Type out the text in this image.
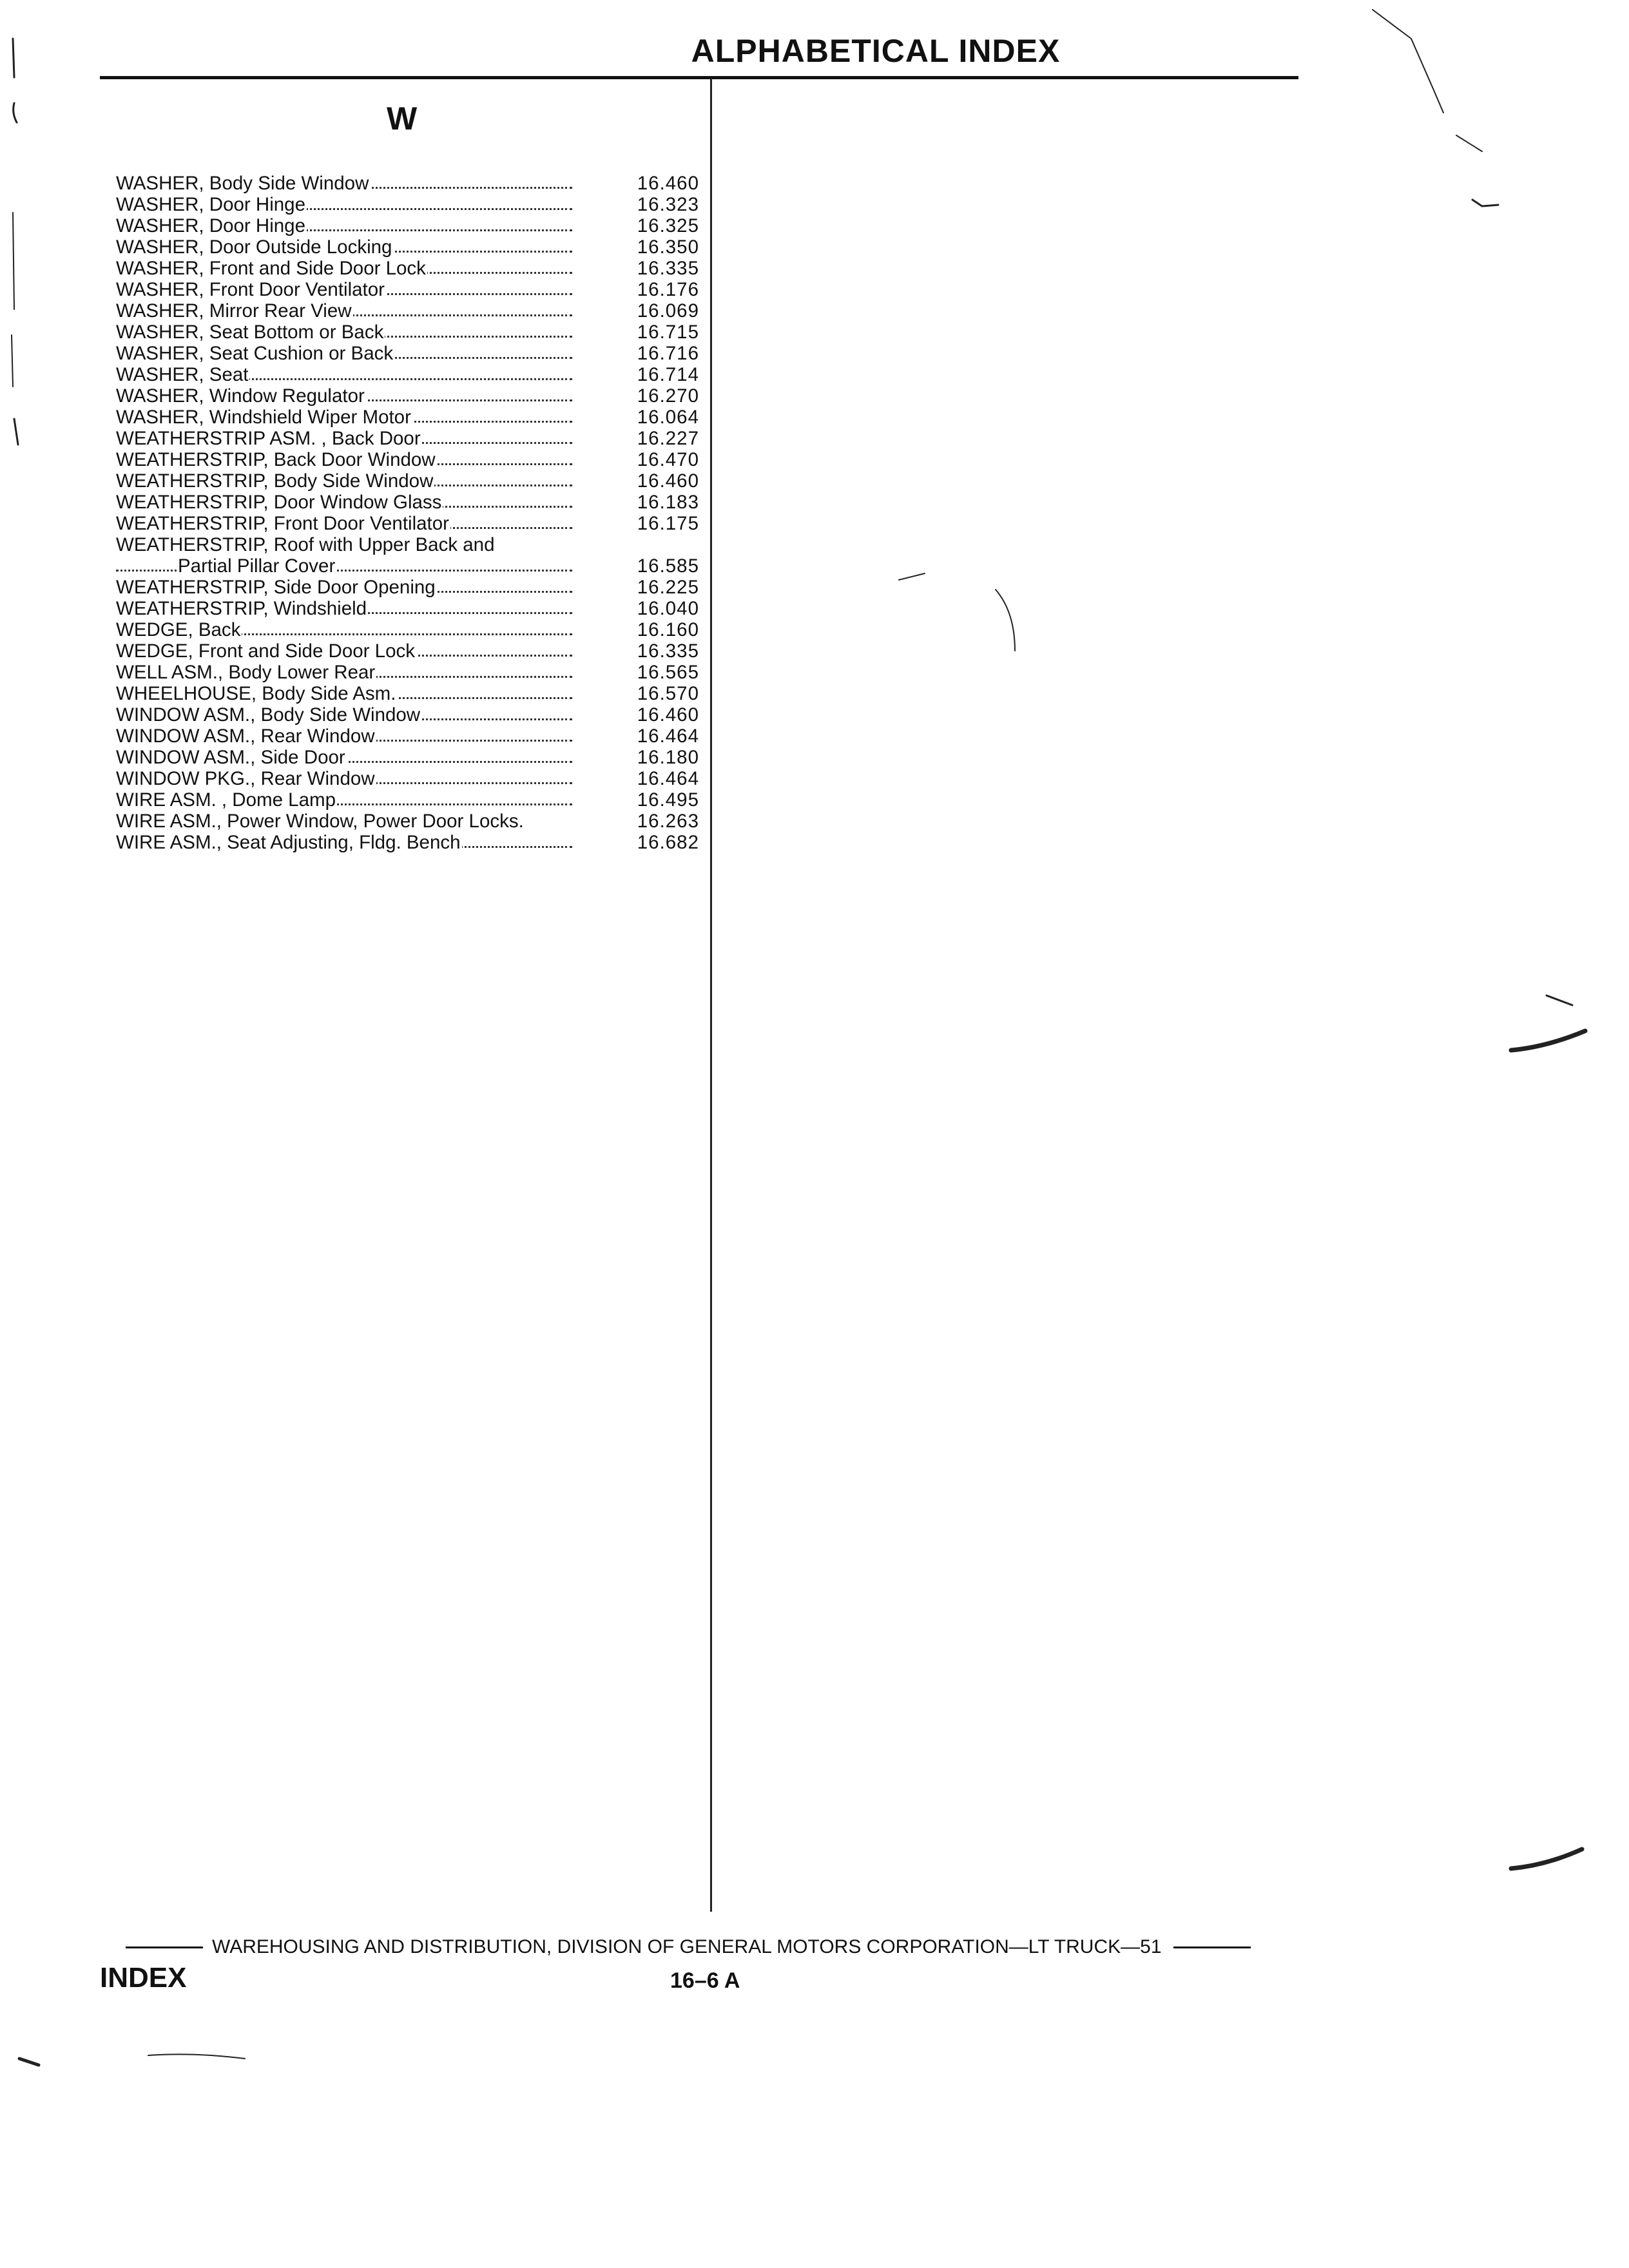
ALPHABETICAL INDEX
W
WASHER, Body Side Window	16.460
WASHER, Door Hinge	16.323
WASHER, Door Hinge	16.325
WASHER, Door Outside Locking	16.350
WASHER, Front and Side Door Lock	16.335
WASHER, Front Door Ventilator	16.176
WASHER, Mirror Rear View	16.069
WASHER, Seat Bottom or Back	16.715
WASHER, Seat Cushion or Back	16.716
WASHER, Seat	16.714
WASHER, Window Regulator	16.270
WASHER, Windshield Wiper Motor	16.064
WEATHERSTRIP ASM. , Back Door	16.227
WEATHERSTRIP, Back Door Window	16.470
WEATHERSTRIP, Body Side Window	16.460
WEATHERSTRIP, Door Window Glass	16.183
WEATHERSTRIP, Front Door Ventilator	16.175
WEATHERSTRIP, Roof with Upper Back and
Partial Pillar Cover	16.585
WEATHERSTRIP, Side Door Opening	16.225
WEATHERSTRIP, Windshield	16.040
WEDGE, Back	16.160
WEDGE, Front and Side Door Lock	16.335
WELL ASM., Body Lower Rear	16.565
WHEELHOUSE, Body Side Asm.	16.570
WINDOW ASM., Body Side Window	16.460
WINDOW ASM., Rear Window	16.464
WINDOW ASM., Side Door	16.180
WINDOW PKG., Rear Window	16.464
WIRE ASM. , Dome Lamp	16.495
WIRE ASM., Power Window, Power Door Locks.	16.263
WIRE ASM., Seat Adjusting, Fldg. Bench	16.682
WAREHOUSING AND DISTRIBUTION, DIVISION OF GENERAL MOTORS CORPORATION—LT TRUCK—51
INDEX	16–6 A
